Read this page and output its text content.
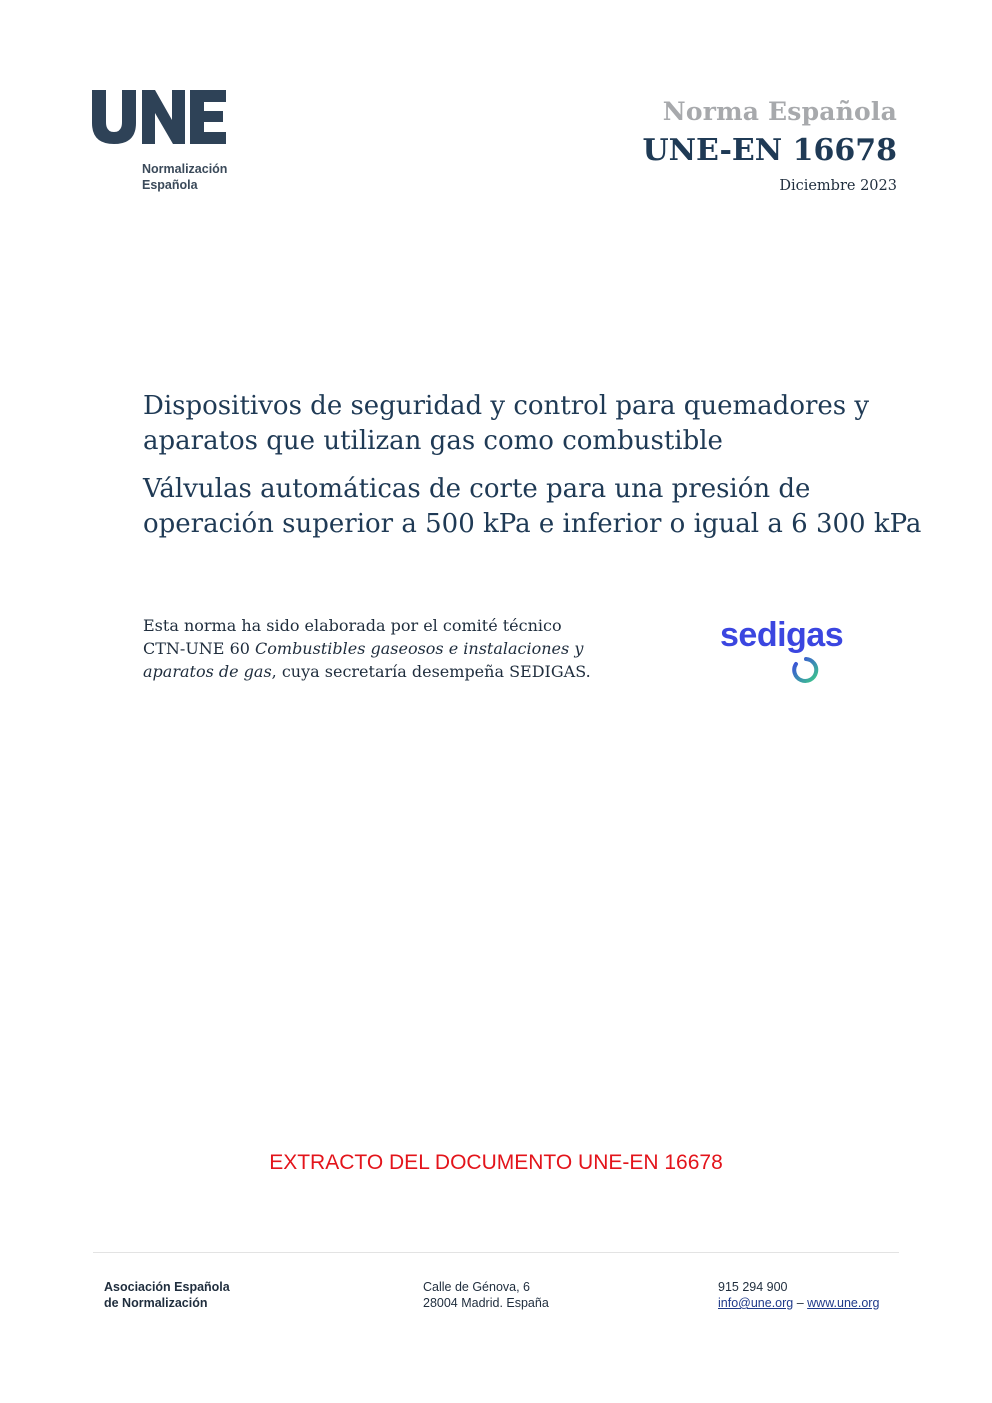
Normalización
Española
Norma Española
UNE-EN 16678
Diciembre 2023
Dispositivos de seguridad y control para quemadores y
aparatos que utilizan gas como combustible
Válvulas automáticas de corte para una presión de
operación superior a 500 kPa e inferior o igual a 6 300 kPa
Esta norma ha sido elaborada por el comité técnico
CTN-UNE 60 Combustibles gaseosos e instalaciones y
aparatos de gas, cuya secretaría desempeña SEDIGAS.
sedigas
EXTRACTO DEL DOCUMENTO UNE-EN 16678
Asociación Española
de Normalización
Calle de Génova, 6
28004 Madrid. España
915 294 900
info@une.org – www.une.org
